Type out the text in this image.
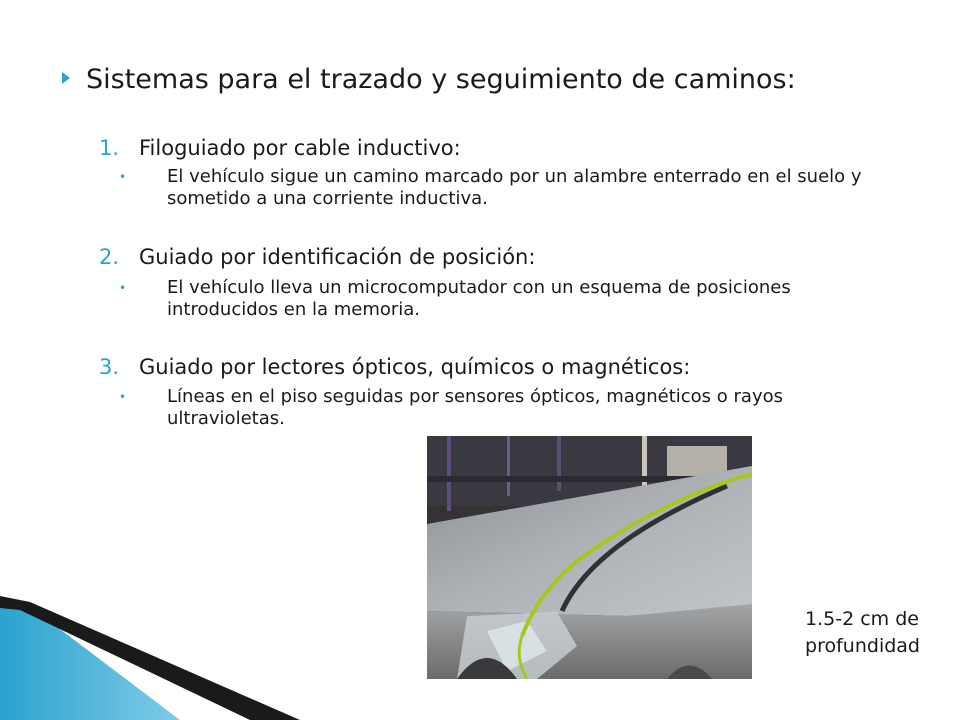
Sistemas para el trazado y seguimiento de caminos:
1. Filoguiado por cable inductivo:
• El vehículo sigue un camino marcado por un alambre enterrado en el suelo y sometido a una corriente inductiva.
2. Guiado por identificación de posición:
• El vehículo lleva un microcomputador con un esquema de posiciones introducidos en la memoria.
3. Guiado por lectores ópticos, químicos o magnéticos:
• Líneas en el piso seguidas por sensores ópticos, magnéticos o rayos ultravioletas.
1.5-2 cm de
profundidad
